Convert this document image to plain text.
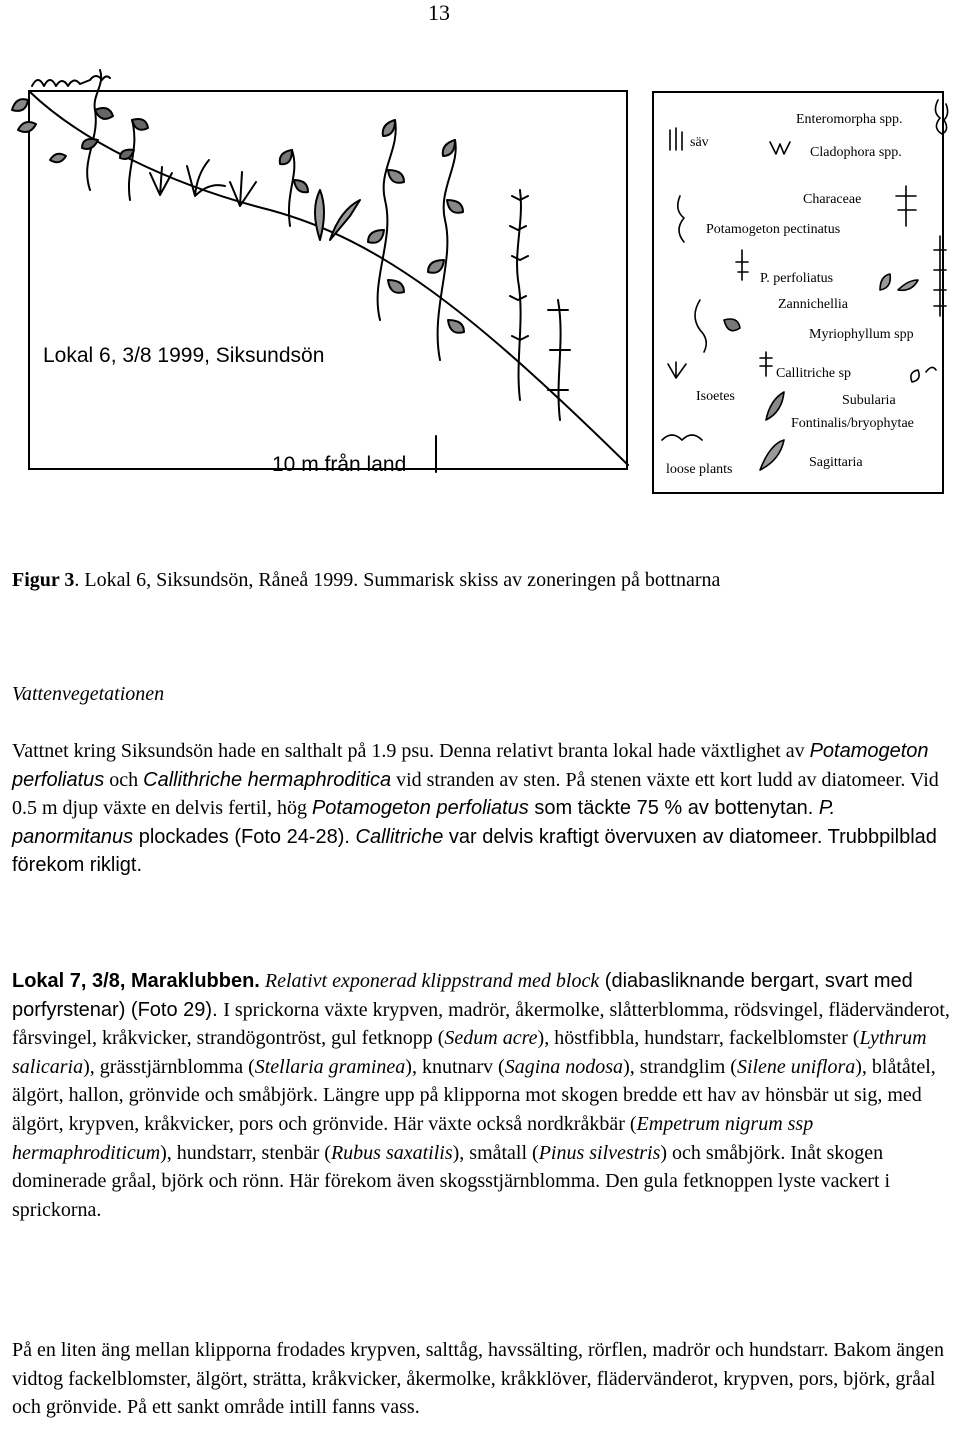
13
Lokal 6, 3/8 1999, Siksundsön
10 m från land
säv
Enteromorpha spp.
Cladophora spp.
Characeae
Potamogeton pectinatus
P. perfoliatus
Zannichellia
Myriophyllum spp
Callitriche sp
Isoetes	Subularia
Fontinalis/bryophytae
loose plants	Sagittaria

Figur 3. Lokal 6, Siksundsön, Råneå 1999. Summarisk skiss av zoneringen på bottnarna

Vattenvegetationen

Vattnet kring Siksundsön hade en salthalt på 1.9 psu. Denna relativt branta lokal hade växtlighet av Potamogeton perfoliatus och Callithriche hermaphroditica vid stranden av sten. På stenen växte ett kort ludd av diatomeer. Vid 0.5 m djup växte en delvis fertil, hög Potamogeton perfoliatus som täckte 75 % av bottenytan. P. panormitanus plockades (Foto 24-28). Callitriche var delvis kraftigt övervuxen av diatomeer. Trubbpilblad förekom rikligt.

Lokal 7, 3/8, Maraklubben. Relativt exponerad klippstrand med block (diabasliknande bergart, svart med porfyrstenar) (Foto 29). I sprickorna växte krypven, madrör, åkermolke, slåtterblomma, rödsvingel, flädervänderot, fårsvingel, kråkvicker, strandögontröst, gul fetknopp (Sedum acre), höstfibbla, hundstarr, fackelblomster (Lythrum salicaria), grässtjärnblomma (Stellaria graminea), knutnarv (Sagina nodosa), strandglim (Silene uniflora), blåtåtel, älgört, hallon, grönvide och småbjörk. Längre upp på klipporna mot skogen bredde ett hav av hönsbär ut sig, med älgört, krypven, kråkvicker, pors och grönvide. Här växte också nordkråkbär (Empetrum nigrum ssp hermaphroditicum), hundstarr, stenbär (Rubus saxatilis), småtall (Pinus silvestris) och småbjörk. Inåt skogen dominerade gråal, björk och rönn. Här förekom även skogsstjärnblomma. Den gula fetknoppen lyste vackert i sprickorna.

På en liten äng mellan klipporna frodades krypven, salttåg, havssälting, rörflen, madrör och hundstarr. Bakom ängen vidtog fackelblomster, älgört, strätta, kråkvicker, åkermolke, kråkklöver, flädervänderot, krypven, pors, björk, gråal och grönvide. På ett sankt område intill fanns vass.
